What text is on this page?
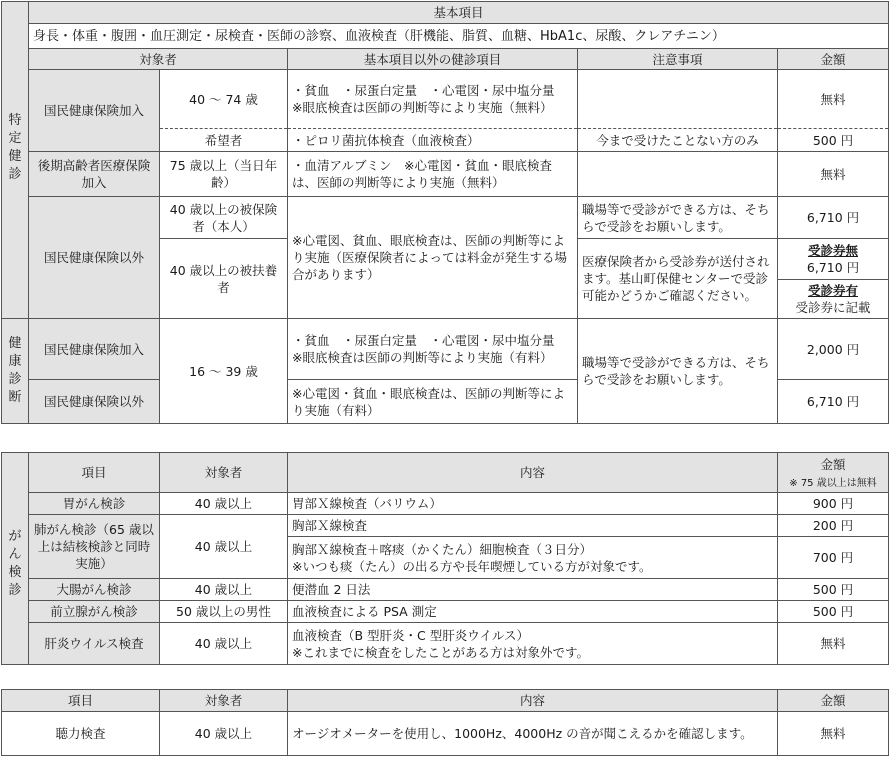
特
定
健
診	基本項目				
	身長・体重・腹囲・血圧測定・尿検査・医師の診察、血液検査（肝機能、脂質、血糖、HbA1c、尿酸、クレアチニン）				
	対象者		基本項目以外の健診項目	注意事項	金額
	国民健康保険加入	40 ～ 74 歳	・貧血　・尿蛋白定量　・心電図・尿中塩分量　※眼底検査は医師の判断等により実施（無料）		無料
		希望者	・ピロリ菌抗体検査（血液検査）	今まで受けたことない方のみ	500 円
	後期高齢者医療保険加入	75 歳以上（当日年齢）	・血清アルブミン　※心電図・貧血・眼底検査は、医師の判断等により実施（無料）		無料
	国民健康保険以外	40 歳以上の被保険者（本人）	※心電図、貧血、眼底検査は、医師の判断等により実施（医療保険者によっては料金が発生する場合があります）	職場等で受診ができる方は、そちらで受診をお願いします。	6,710 円
		40 歳以上の被扶養者		医療保険者から受診券が送付されます。基山町保健センターで受診可能かどうかご確認ください。	受診券無
6,710 円
					受診券有
受診券に記載

健
康
診
断	国民健康保険加入	16 ～ 39 歳	・貧血　・尿蛋白定量　・心電図・尿中塩分量　※眼底検査は医師の判断等により実施（有料）	職場等で受診ができる方は、そちらで受診をお願いします。	2,000 円
	国民健康保険以外		※心電図・貧血・眼底検査は、医師の判断等により実施（有料）		6,710 円
が
ん
検
診	項目	対象者	内容	金額
※ 75 歳以上は無料
	胃がん検診	40 歳以上	胃部Ｘ線検査（バリウム）	900 円
	肺がん検診（65 歳以上は結核検診と同時実施）	40 歳以上	胸部Ｘ線検査	200 円
			胸部Ｘ線検査＋喀痰（かくたん）細胞検査（３日分）
※いつも痰（たん）の出る方や長年喫煙している方が対象です。	700 円
	大腸がん検診	40 歳以上	便潜血 2 日法	500 円
	前立腺がん検診	50 歳以上の男性	血液検査による PSA 測定	500 円
	肝炎ウイルス検査	40 歳以上	血液検査（B 型肝炎・C 型肝炎ウイルス）
※これまでに検査をしたことがある方は対象外です。	無料
項目	対象者	内容	金額
聴力検査	40 歳以上	オージオメーターを使用し、1000Hz、4000Hz の音が聞こえるかを確認します。	無料
